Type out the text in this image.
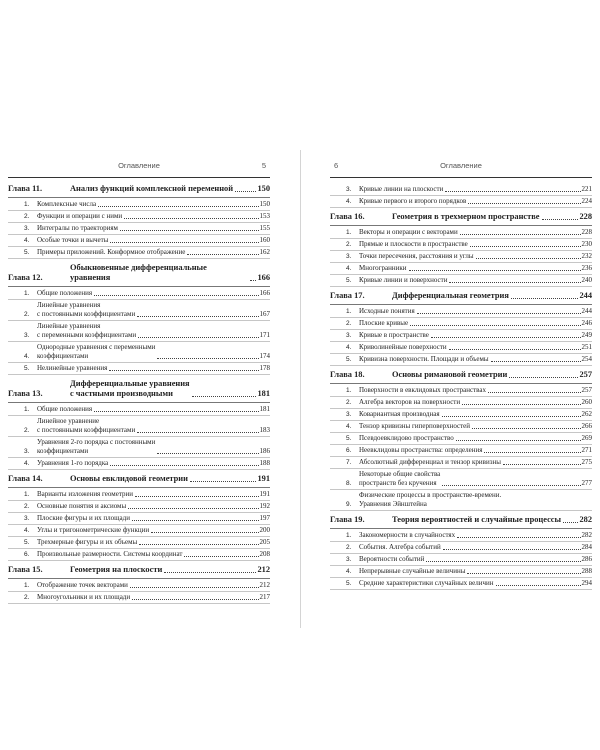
Оглавление	5
Глава 11.	Анализ функций комплексной переменной	150
1.	Комплексные числа	150
2.	Функции и операции с ними	153
3.	Интегралы по траекториям	155
4.	Особые точки и вычеты	160
5.	Примеры приложений. Конформное отображение	162
Глава 12.
Обыкновенные дифференциальные уравнения	166
1.	Общие положения	166
2.
Линейные уравнения
с постоянными коэффициентами	167
3.
Линейные уравнения
с переменными коэффициентами	171
4.
Однородные уравнения с переменными
коэффициентами	174
5.	Нелинейные уравнения	178
Глава 13.
Дифференциальные уравнения
с частными производными	181
1.	Общие положения	181
2.
Линейное уравнение
с постоянными коэффициентами	183
3.
Уравнения 2-го порядка с постоянными
коэффициентами	186
4.	Уравнения 1-го порядка	188
Глава 14.	Основы евклидовой геометрии	191
1.	Варианты изложения геометрии	191
2.	Основные понятия и аксиомы	192
3.	Плоские фигуры и их площади	197
4.	Углы и тригонометрические функции	200
5.	Трехмерные фигуры и их объемы	205
6.	Произвольные размерности. Системы координат	208
Глава 15.	Геометрия на плоскости	212
1.	Отображение точек векторами	212
2.	Многоугольники и их площади	217
6	Оглавление
3.	Кривые линии на плоскости	221
4.	Кривые первого и второго порядков	224
Глава 16.	Геометрия в трехмерном пространстве	228
1.	Векторы и операции с векторами	228
2.	Прямые и плоскости в пространстве	230
3.	Точки пересечения, расстояния и углы	232
4.	Многогранники	236
5.	Кривые линии и поверхности	240
Глава 17.	Дифференциальная геометрия	244
1.	Исходные понятия	244
2.	Плоские кривые	246
3.	Кривые в пространстве	249
4.	Криволинейные поверхности	251
5.	Кривизна поверхности. Площади и объемы	254
Глава 18.	Основы римановой геометрии	257
1.	Поверхности в евклидовых пространствах	257
2.	Алгебра векторов на поверхности	260
3.	Ковариантная производная	262
4.	Тензор кривизны гиперповерхностей	266
5.	Псевдоевклидово пространство	269
6.	Неевклидовы пространства: определения	271
7.	Абсолютный дифференциал и тензор кривизны	275
8.
Некоторые общие свойства
пространств без кручения	277
9.
Физические процессы в пространстве-времени.
Уравнения Эйнштейна
Глава 19.	Теория вероятностей и случайные процессы 282
1.	Закономерности в случайностях	282
2.	События. Алгебра событий	284
3.	Вероятности событий	286
4.	Непрерывные случайные величины	288
5.	Средние характеристики случайных величин	294
